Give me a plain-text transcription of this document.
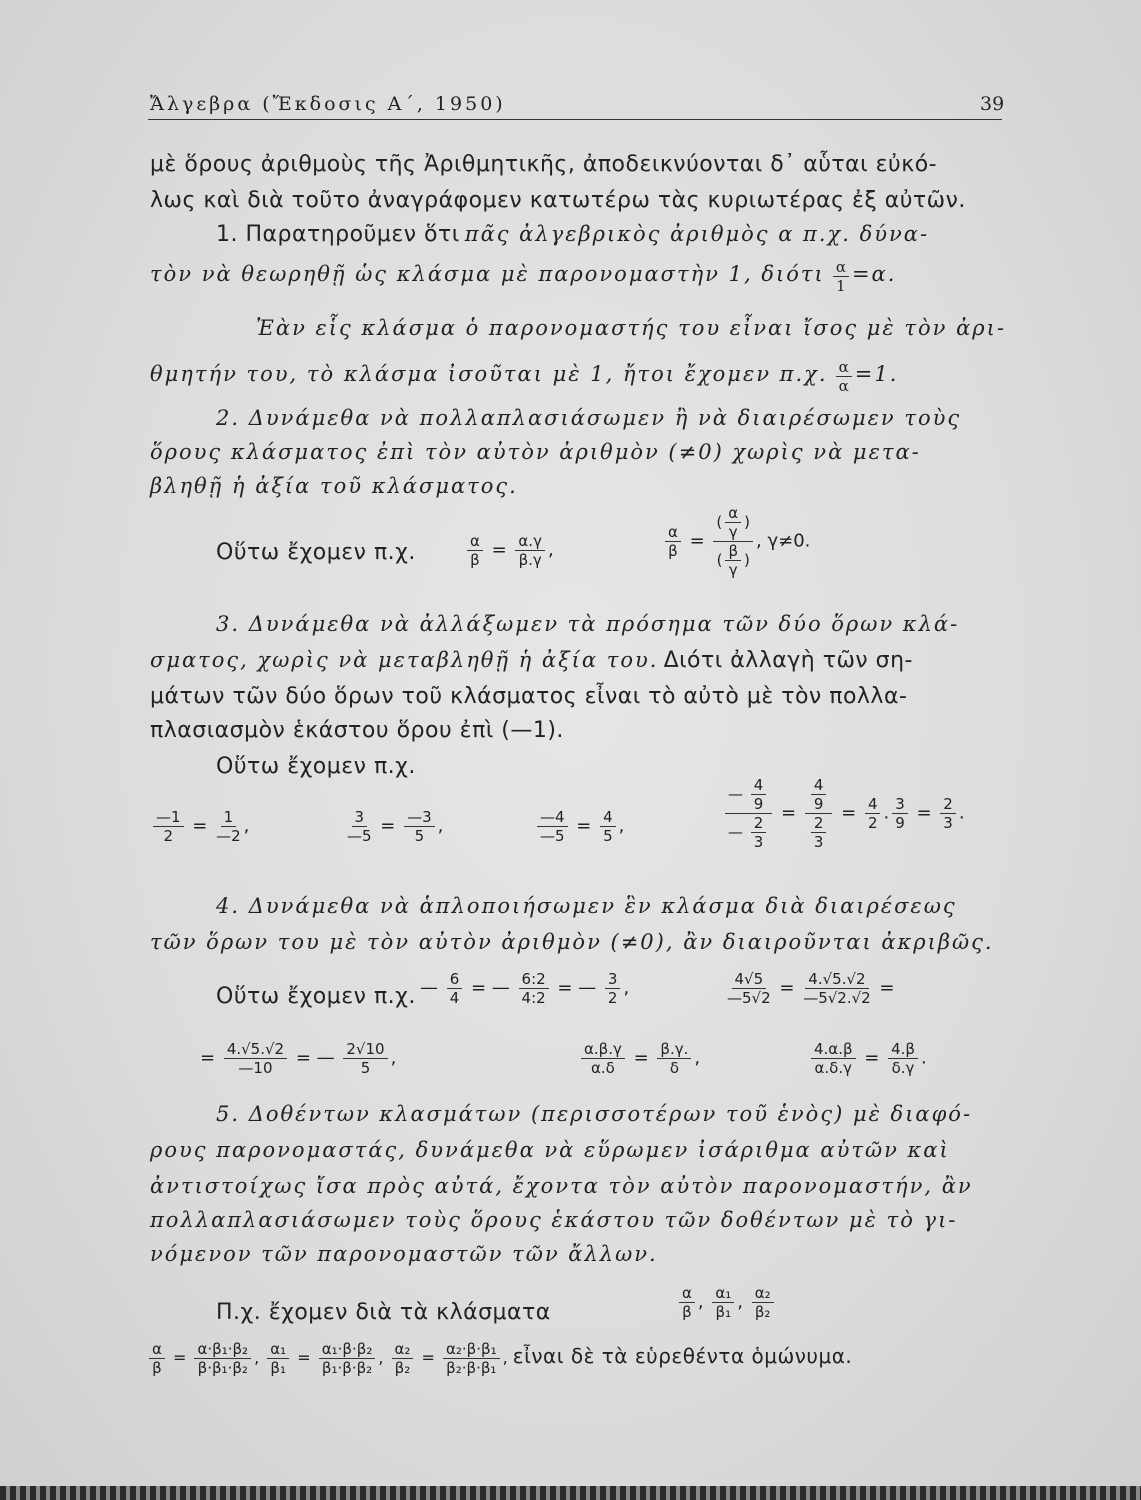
Ἄλγεβρα (Ἔκδοσις Α΄, 1950)	39
μὲ ὅρους ἀριθμοὺς τῆς Ἀριθμητικῆς, ἀποδεικνύονται δ᾽ αὗται εὐκό-
λως καὶ διὰ τοῦτο ἀναγράφομεν κατωτέρω τὰς κυριωτέρας ἐξ αὐτῶν.
1. Παρατηροῦμεν ὅτι πᾶς ἀλγεβρικὸς ἀριθμὸς α π.χ. δύνα-
τὸν νὰ θεωρηθῇ ὡς κλάσμα μὲ παρονομαστὴν 1, διότι $\frac{\alpha}{1} =\alpha$.
Ἐὰν εἷς κλάσμα ὁ παρονομαστής του εἶναι ἴσος μὲ τὸν ἀρι-
θμητήν του, τὸ κλάσμα ἰσοῦται μὲ 1, ἤτοι ἔχομεν π.χ. $\frac{\alpha}{\alpha} =1$.
2. Δυνάμεθα νὰ πολλαπλασιάσωμεν ἢ νὰ διαιρέσωμεν τοὺς
ὅρους κλάσματος ἐπὶ τὸν αὐτὸν ἀριθμὸν (≠0) χωρὶς νὰ μετα-
βληθῇ ἡ ἀξία τοῦ κλάσματος.
Οὕτω ἔχομεν π.χ.	$\frac{\alpha}{\beta} = \frac{\alpha.\gamma}{\beta.\gamma}$ ,	$\frac{\alpha}{\beta} = \frac{( \frac{\alpha}{\gamma} )}{( \frac{\beta}{\gamma} )}$ , γ≠0.
3. Δυνάμεθα νὰ ἀλλάξωμεν τὰ πρόσημα τῶν δύο ὅρων κλά-
σματος, χωρὶς νὰ μεταβληθῇ ἡ ἀξία του. Διότι ἀλλαγὴ τῶν ση-
μάτων τῶν δύο ὅρων τοῦ κλάσματος εἶναι τὸ αὐτὸ μὲ τὸν πολλα-
πλασιασμὸν ἑκάστου ὅρου ἐπὶ (—1).
Οὕτω ἔχομεν π.χ.
$\frac{—1}{2} = \frac{1}{—2}$ ,	$\frac{3}{—5} = \frac{—3}{5}$ ,	$\frac{—4}{—5} = \frac{4}{5}$ ,	$\frac{— \frac{4}{9}}{— \frac{2}{3}} = \frac{\frac{4}{9}}{\frac{2}{3}} = \frac{4}{2}$ . $\frac{3}{9} = \frac{2}{3}$ .
4. Δυνάμεθα νὰ ἁπλοποιήσωμεν ἓν κλάσμα διὰ διαιρέσεως
τῶν ὅρων του μὲ τὸν αὐτὸν ἀριθμὸν (≠0), ἂν διαιροῦνται ἀκριβῶς.
Οὕτω ἔχομεν π.χ. — $\frac{6}{4}$ = — $\frac{6:2}{4:2}$ = — $\frac{3}{2}$ ,	$\frac{4√5}{—5√2} = \frac{4.√5.√2}{—5√2.√2}$ =
= $\frac{4.√5.√2}{—10}$ = — $\frac{2√10}{5}$ ,	$\frac{\alpha.\beta.\gamma}{\alpha.\delta} = \frac{\beta.\gamma.}{\delta}$ ,	$\frac{4.\alpha.\beta}{\alpha.\delta.\gamma} = \frac{4.\beta}{\delta.\gamma}$ .
5. Δοθέντων κλασμάτων (περισσοτέρων τοῦ ἑνὸς) μὲ διαφό-
ρους παρονομαστάς, δυνάμεθα νὰ εὕρωμεν ἰσάριθμα αὐτῶν καὶ
ἀντιστοίχως ἴσα πρὸς αὐτά, ἔχοντα τὸν αὐτὸν παρονομαστήν, ἂν
πολλαπλασιάσωμεν τοὺς ὅρους ἑκάστου τῶν δοθέντων μὲ τὸ γι-
νόμενον τῶν παρονομαστῶν τῶν ἄλλων.
Π.χ. ἔχομεν διὰ τὰ κλάσματα	$\frac{\alpha}{\beta}$ , $\frac{\text{α₁}}{\text{β₁}}$ , $\frac{\text{α₂}}{\text{β₂}}$
$\frac{\alpha}{\beta} = \frac{\text{α·β₁·β₂}}{\text{β·β₁·β₂}}$ , $\frac{\text{α₁}}{\text{β₁}} = \frac{\text{α₁·β·β₂}}{\text{β₁·β·β₂}}$ , $\frac{\text{α₂}}{\text{β₂}} = \frac{\text{α₂·β·β₁}}{\text{β₂·β·β₁}}$ , εἶναι δὲ τὰ εὑρεθέντα ὁμώνυμα.
